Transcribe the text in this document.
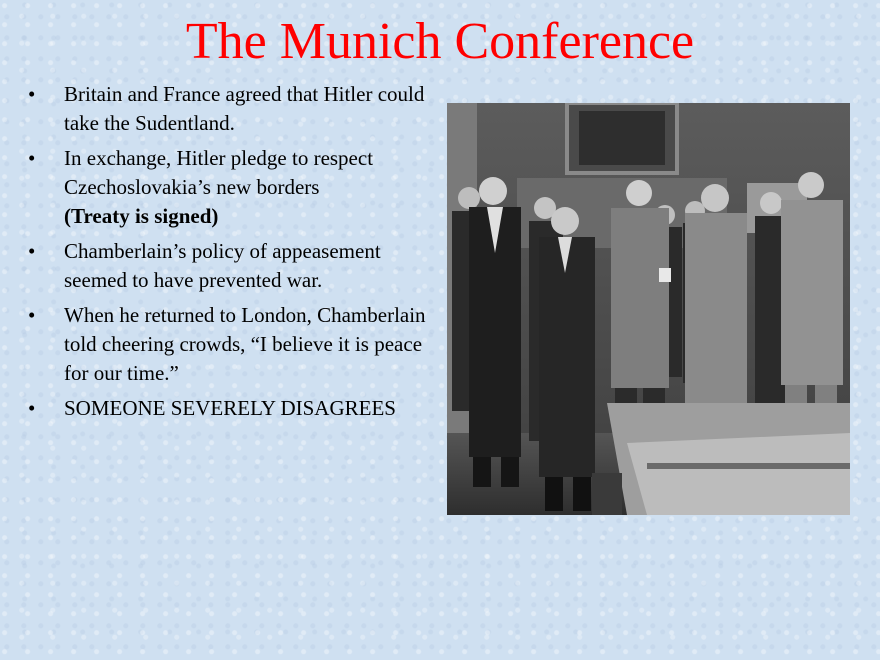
The Munich Conference
• Britain and France agreed that Hitler could take the Sudentland.
• In exchange, Hitler pledge to respect Czechoslovakia’s new borders
(Treaty is signed)
• Chamberlain’s policy of appeasement seemed to have prevented war.
• When he returned to London, Chamberlain told cheering crowds, “I believe it is peace for our time.”
• SOMEONE SEVERELY DISAGREES
